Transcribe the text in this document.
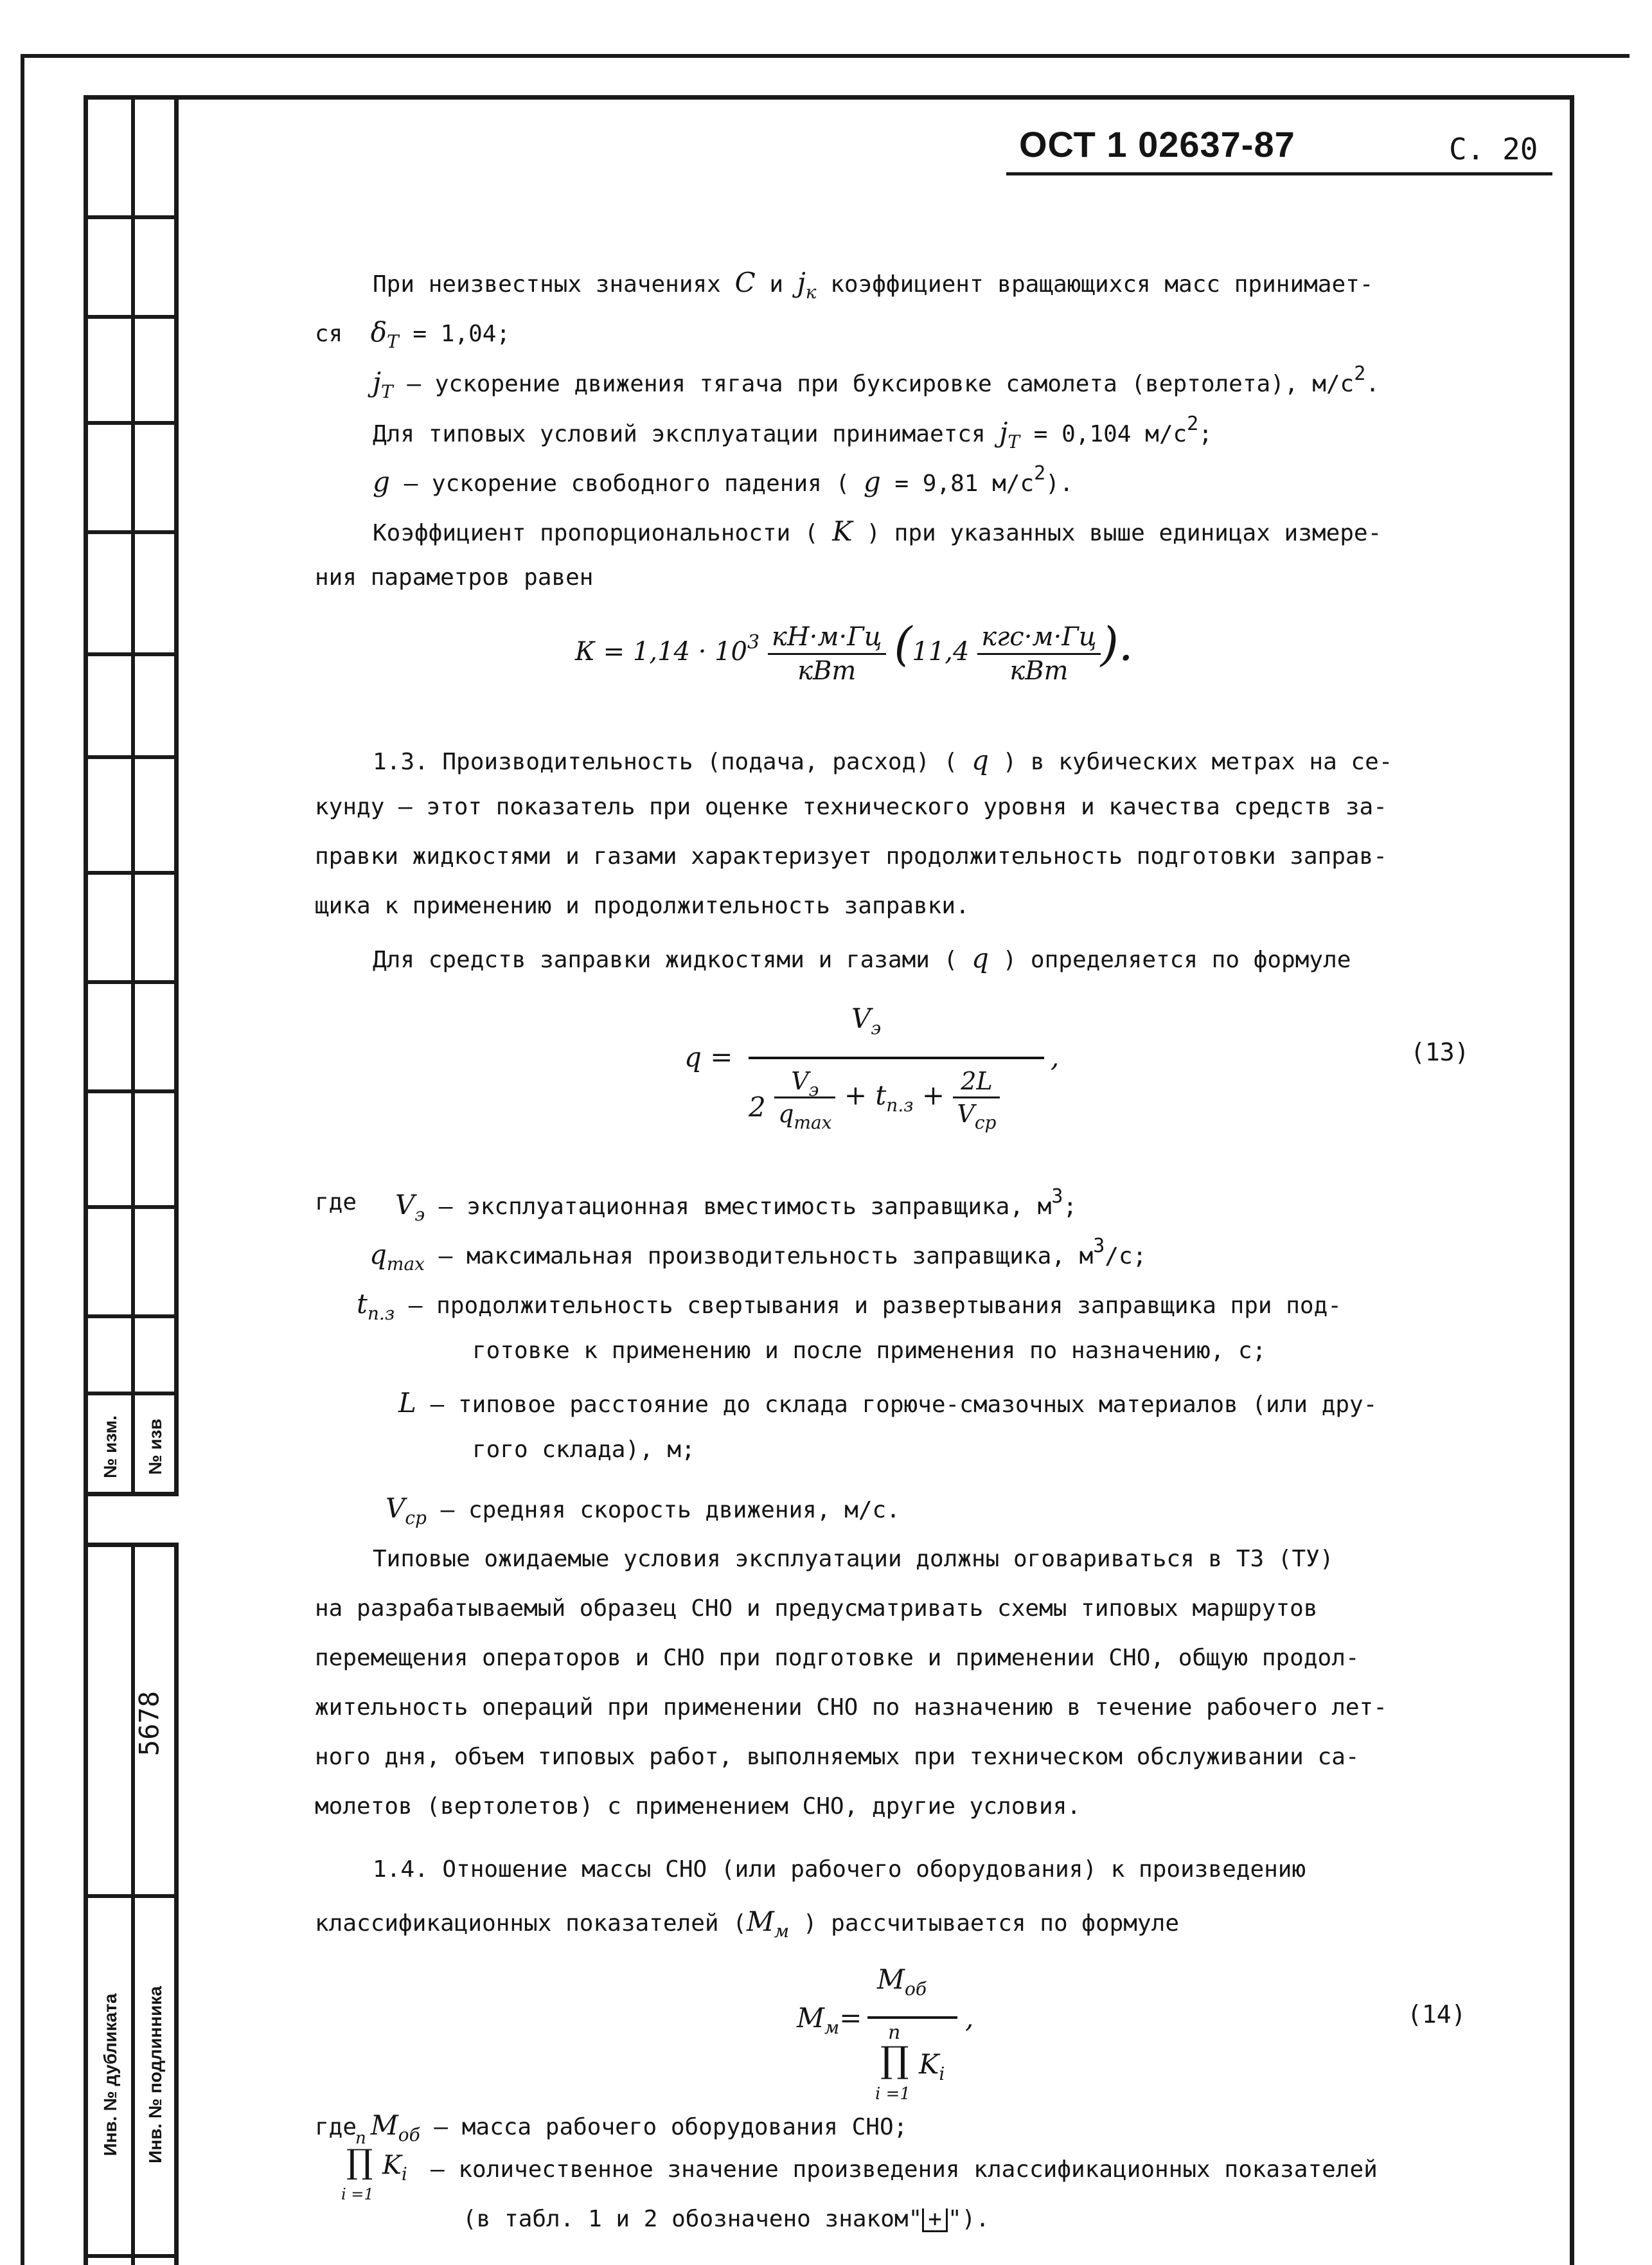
№ изм. № изв
5678
Инв. № дубликата Инв. № подлинника
ОСТ 1 02637-87	С. 20
При неизвестных значениях C и $j_к$ коэффициент вращающихся масс принимает-
ся $\delta_Т = 1,04$;
$j_Т$ – ускорение движения тягача при буксировке самолета (вертолета), $м/с^2$.
Для типовых условий эксплуатации принимается $j_Т = 0,104$ $м/с^2$;
g – ускорение свободного падения ( g = 9,81 $м/с^2$).
Коэффициент пропорциональности ( K ) при указанных выше единицах измере-
ния параметров равен
$К = 1,14 \cdot 10^3 \frac{кН\cdot м\cdot Гц}{\text{кВт}} (11,4 \frac{\text{кгс·м·Гц}}{\text{кВт}}$ ).
1.3. Производительность (подача, расход) ( q ) в кубических метрах на се-
кунду – этот показатель при оценке технического уровня и качества средств за-
правки жидкостями и газами характеризует продолжительность подготовки заправ-
щика к применению и продолжительность заправки.
Для средств заправки жидкостями и газами ( q ) определяется по формуле
q =
$V_э$
,
$2 \frac{V_э}{q_{max}} + t_{п.з} + \frac{2L}{V_{ср}}$
(13)
где $V_э$ – эксплуатационная вместимость заправщика, $м^3$;
$q_{max}$ – максимальная производительность заправщика, $м^3/с$;
$t_{п.з}$ – продолжительность свертывания и развертывания заправщика при под-
готовке к применению и после применения по назначению, с;
L – типовое расстояние до склада горюче-смазочных материалов (или дру-
гого склада), м;
$V_{ср}$ – средняя скорость движения, м/с.
Типовые ожидаемые условия эксплуатации должны оговариваться в ТЗ (ТУ)
на разрабатываемый образец СНО и предусматривать схемы типовых маршрутов
перемещения операторов и СНО при подготовке и применении СНО, общую продол-
жительность операций при применении СНО по назначению в течение рабочего лет-
ного дня, объем типовых работ, выполняемых при техническом обслуживании са-
молетов (вертолетов) с применением СНО, другие условия.
1.4. Отношение массы СНО (или рабочего оборудования) к произведению
классификационных показателей ($M_м$ ) рассчитывается по формуле
$M_м=$
$M_{об}$
,
n
∏ $K_i$
i =1
(14)
где $M_{об}$ – масса рабочего оборудования СНО;
n
∏ $K_i$
i =1
– количественное значение произведения классификационных показателей
(в табл. 1 и 2 обозначено знаком" + ").
